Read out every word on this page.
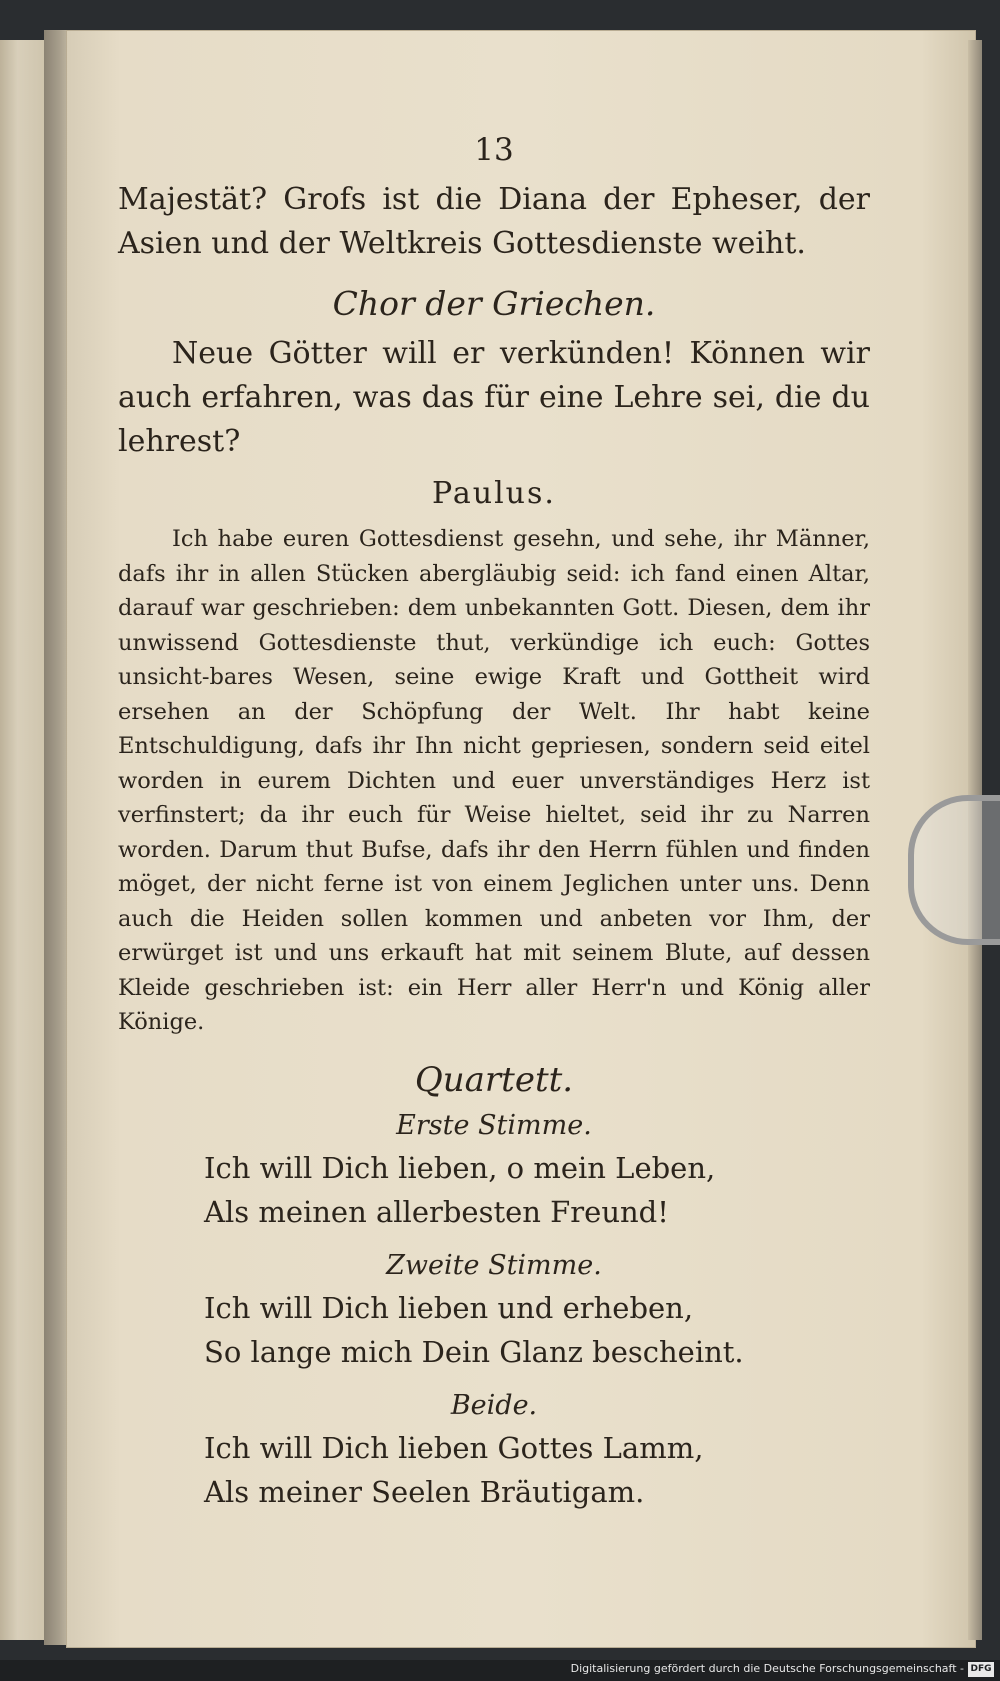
13

Majestät? Grofs ist die Diana der Epheser, der Asien und der Weltkreis Gottesdienste weiht.

Chor der Griechen.

Neue Götter will er verkünden! Können wir auch erfahren, was das für eine Lehre sei, die du lehrest?

Paulus.

Ich habe euren Gottesdienst gesehn, und sehe, ihr Männer, dafs ihr in allen Stücken abergläubig seid: ich fand einen Altar, darauf war geschrieben: dem unbekannten Gott. Diesen, dem ihr unwissend Gottesdienste thut, verkündige ich euch: Gottes unsicht-bares Wesen, seine ewige Kraft und Gottheit wird ersehen an der Schöpfung der Welt. Ihr habt keine Entschuldigung, dafs ihr Ihn nicht gepriesen, sondern seid eitel worden in eurem Dichten und euer unverständiges Herz ist verfinstert; da ihr euch für Weise hieltet, seid ihr zu Narren worden. Darum thut Bufse, dafs ihr den Herrn fühlen und finden möget, der nicht ferne ist von einem Jeglichen unter uns. Denn auch die Heiden sollen kommen und anbeten vor Ihm, der erwürget ist und uns erkauft hat mit seinem Blute, auf dessen Kleide geschrieben ist: ein Herr aller Herr'n und König aller Könige.

Quartett.
Erste Stimme.
Ich will Dich lieben, o mein Leben,
Als meinen allerbesten Freund!
Zweite Stimme.
Ich will Dich lieben und erheben,
So lange mich Dein Glanz bescheint.
Beide.
Ich will Dich lieben Gottes Lamm,
Als meiner Seelen Bräutigam.
Digitalisierung gefördert durch die Deutsche Forschungsgemeinschaft - DFG
